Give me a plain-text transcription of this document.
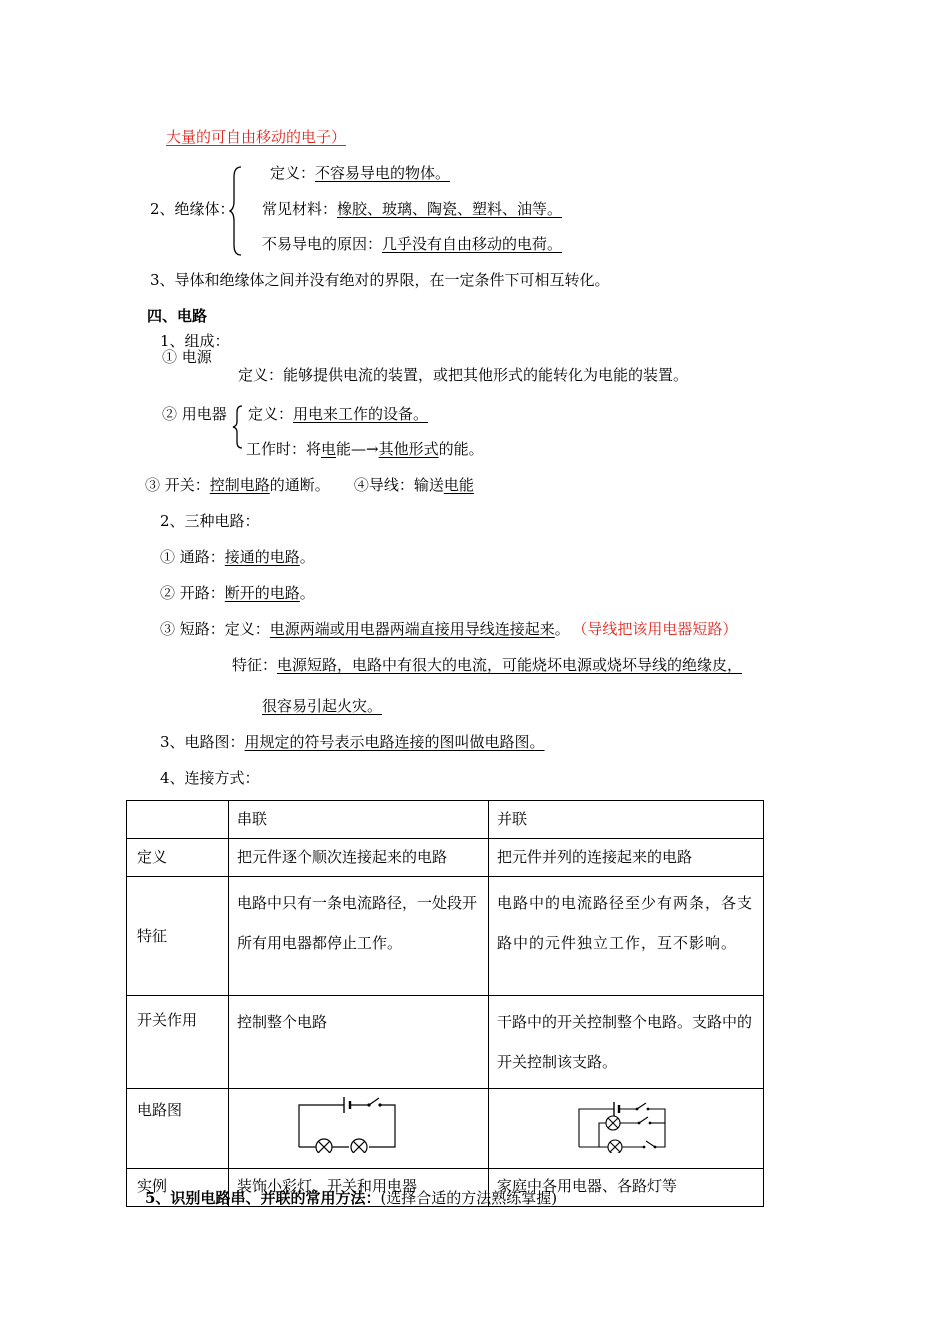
大量的可自由移动的电子）
2、绝缘体：
定义：不容易导电的物体。
常见材料：橡胶、玻璃、陶瓷、塑料、油等。
不易导电的原因：几乎没有自由移动的电荷。
3、导体和绝缘体之间并没有绝对的界限，在一定条件下可相互转化。
四、电路
1、组成：
① 电源
定义：能够提供电流的装置，或把其他形式的能转化为电能的装置。
② 用电器 定义：用电来工作的设备。
工作时：将电能—→其他形式的能。
③ 开关：控制电路的通断。 ④导线：输送电能
2、三种电路：
① 通路：接通的电路。
② 开路：断开的电路。
③ 短路：定义：电源两端或用电器两端直接用导线连接起来。 （导线把该用电器短路）
特征：电源短路，电路中有很大的电流，可能烧坏电源或烧坏导线的绝缘皮，
很容易引起火灾。
3、电路图：用规定的符号表示电路连接的图叫做电路图。
4、连接方式：
	串联	并联
定义	把元件逐个顺次连接起来的电路	把元件并列的连接起来的电路
特征	电路中只有一条电流路径，一处段开所有用电器都停止工作。	电路中的电流路径至少有两条，各支路中的元件独立工作，互不影响。
开关作用	控制整个电路	干路中的开关控制整个电路。支路中的开关控制该支路。
电路图		
实例	装饰小彩灯、开关和用电器	家庭中各用电器、各路灯等
5、识别电路串、并联的常用方法：(选择合适的方法熟练掌握)
